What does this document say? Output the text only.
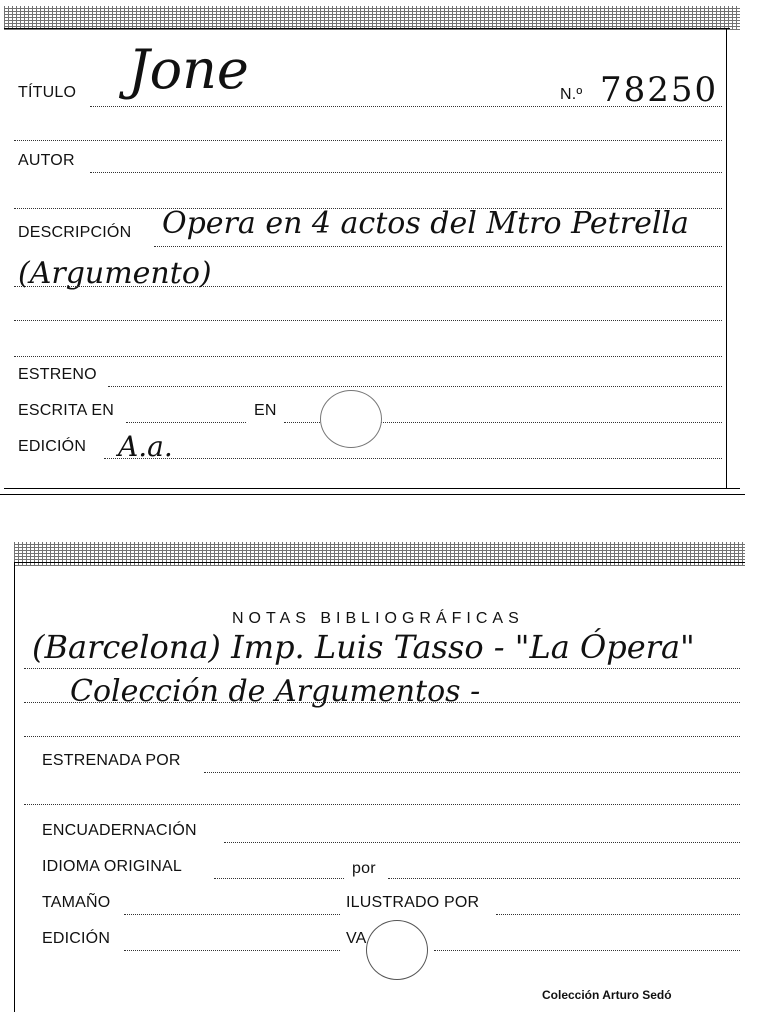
TÍTULO Jone	N.º 78250
AUTOR
DESCRIPCIÓN Opera en 4 actos del Mtro Petrella
(Argumento)
ESTRENO
ESCRITA EN	EN
EDICIÓN A.a.
NOTAS BIBLIOGRÁFICAS
(Barcelona) Imp. Luis Tasso - "La Ópera"
Colección de Argumentos -
ESTRENADA POR
ENCUADERNACIÓN
IDIOMA ORIGINAL	por
TAMAÑO	ILUSTRADO POR
EDICIÓN	VA
Colección Arturo Sedó
